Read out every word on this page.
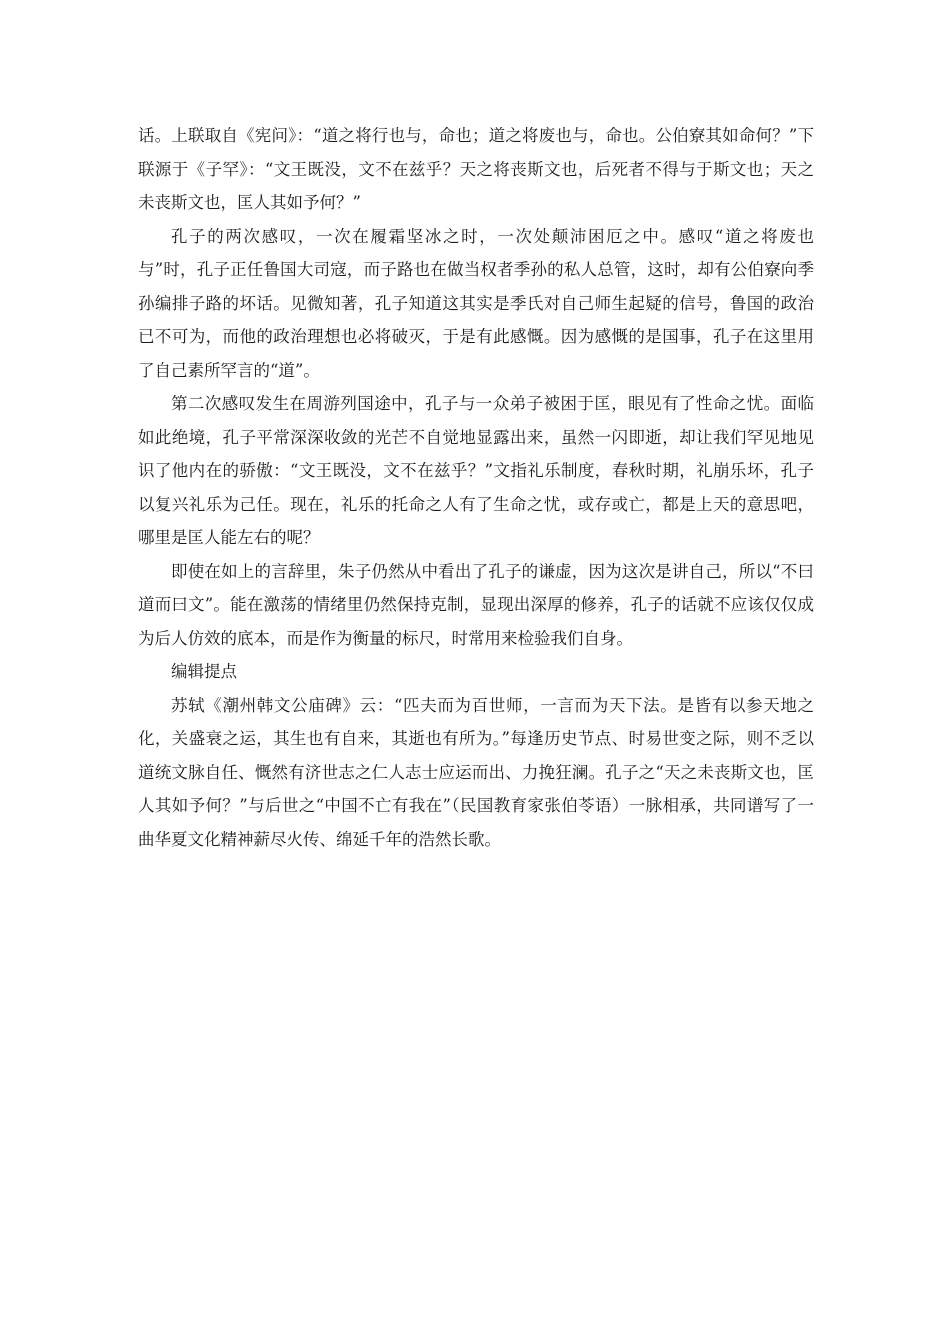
话。上联取自《宪问》：“道之将行也与，命也；道之将废也与，命也。公伯寮其如命何？”下联源于《子罕》：“文王既没，文不在兹乎？天之将丧斯文也，后死者不得与于斯文也；天之未丧斯文也，匡人其如予何？”

孔子的两次感叹，一次在履霜坚冰之时，一次处颠沛困厄之中。感叹“道之将废也与”时，孔子正任鲁国大司寇，而子路也在做当权者季孙的私人总管，这时，却有公伯寮向季孙编排子路的坏话。见微知著，孔子知道这其实是季氏对自己师生起疑的信号，鲁国的政治已不可为，而他的政治理想也必将破灭，于是有此感慨。因为感慨的是国事，孔子在这里用了自己素所罕言的“道”。

第二次感叹发生在周游列国途中，孔子与一众弟子被困于匡，眼见有了性命之忧。面临如此绝境，孔子平常深深收敛的光芒不自觉地显露出来，虽然一闪即逝，却让我们罕见地见识了他内在的骄傲：“文王既没，文不在兹乎？”文指礼乐制度，春秋时期，礼崩乐坏，孔子以复兴礼乐为己任。现在，礼乐的托命之人有了生命之忧，或存或亡，都是上天的意思吧，哪里是匡人能左右的呢？

即使在如上的言辞里，朱子仍然从中看出了孔子的谦虚，因为这次是讲自己，所以“不曰道而曰文”。能在激荡的情绪里仍然保持克制，显现出深厚的修养，孔子的话就不应该仅仅成为后人仿效的底本，而是作为衡量的标尺，时常用来检验我们自身。

编辑提点

苏轼《潮州韩文公庙碑》云：“匹夫而为百世师，一言而为天下法。是皆有以参天地之化，关盛衰之运，其生也有自来，其逝也有所为。”每逢历史节点、时易世变之际，则不乏以道统文脉自任、慨然有济世志之仁人志士应运而出、力挽狂澜。孔子之“天之未丧斯文也，匡人其如予何？”与后世之“中国不亡有我在”（民国教育家张伯苓语）一脉相承，共同谱写了一曲华夏文化精神薪尽火传、绵延千年的浩然长歌。
